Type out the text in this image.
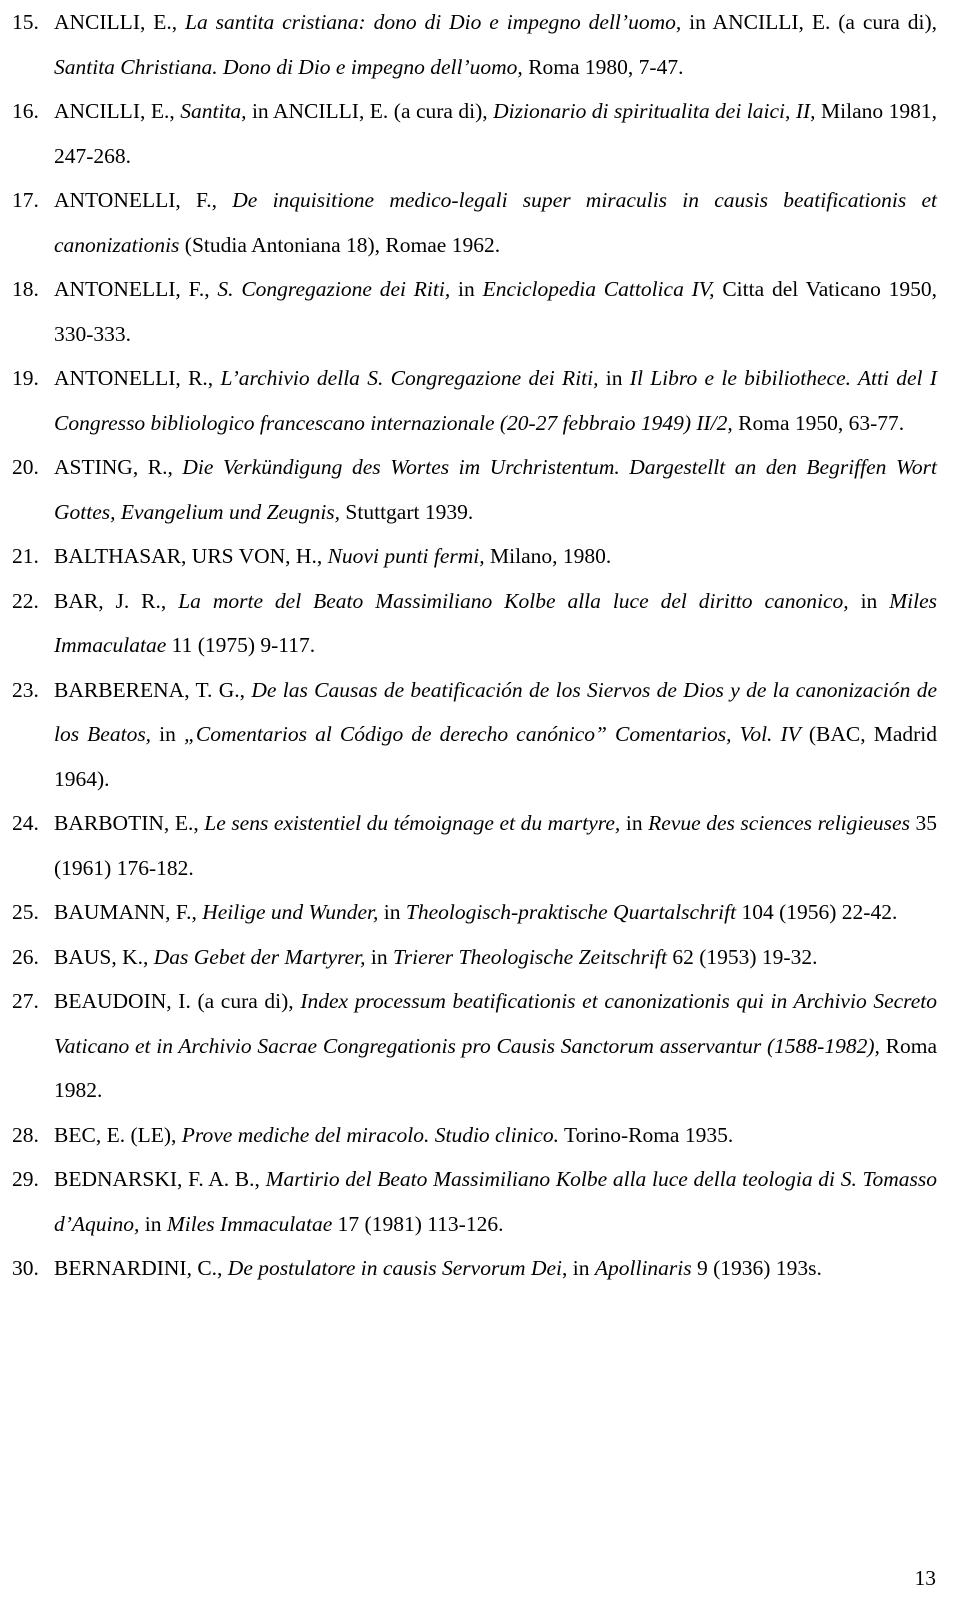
15. ANCILLI, E., La santita cristiana: dono di Dio e impegno dell’uomo, in ANCILLI, E. (a cura di), Santita Christiana. Dono di Dio e impegno dell’uomo, Roma 1980, 7-47.
16. ANCILLI, E., Santita, in ANCILLI, E. (a cura di), Dizionario di spiritualita dei laici, II, Milano 1981, 247-268.
17. ANTONELLI, F., De inquisitione medico-legali super miraculis in causis beatificationis et canonizationis (Studia Antoniana 18), Romae 1962.
18. ANTONELLI, F., S. Congregazione dei Riti, in Enciclopedia Cattolica IV, Citta del Vaticano 1950, 330-333.
19. ANTONELLI, R., L’archivio della S. Congregazione dei Riti, in Il Libro e le bibiliothece. Atti del I Congresso bibliologico francescano internazionale (20-27 febbraio 1949) II/2, Roma 1950, 63-77.
20. ASTING, R., Die Verkündigung des Wortes im Urchristentum. Dargestellt an den Begriffen Wort Gottes, Evangelium und Zeugnis, Stuttgart 1939.
21. BALTHASAR, URS VON, H., Nuovi punti fermi, Milano, 1980.
22. BAR, J. R., La morte del Beato Massimiliano Kolbe alla luce del diritto canonico, in Miles Immaculatae 11 (1975) 9-117.
23. BARBERENA, T. G., De las Causas de beatificación de los Siervos de Dios y de la canonización de los Beatos, in „Comentarios al Código de derecho canónico” Comentarios, Vol. IV (BAC, Madrid 1964).
24. BARBOTIN, E., Le sens existentiel du témoignage et du martyre, in Revue des sciences religieuses 35 (1961) 176-182.
25. BAUMANN, F., Heilige und Wunder, in Theologisch-praktische Quartalschrift 104 (1956) 22-42.
26. BAUS, K., Das Gebet der Martyrer, in Trierer Theologische Zeitschrift 62 (1953) 19-32.
27. BEAUDOIN, I. (a cura di), Index processum beatificationis et canonizationis qui in Archivio Secreto Vaticano et in Archivio Sacrae Congregationis pro Causis Sanctorum asservantur (1588-1982), Roma 1982.
28. BEC, E. (LE), Prove mediche del miracolo. Studio clinico. Torino-Roma 1935.
29. BEDNARSKI, F. A. B., Martirio del Beato Massimiliano Kolbe alla luce della teologia di S. Tomasso d’Aquino, in Miles Immaculatae 17 (1981) 113-126.
30. BERNARDINI, C., De postulatore in causis Servorum Dei, in Apollinaris 9 (1936) 193s.
13
